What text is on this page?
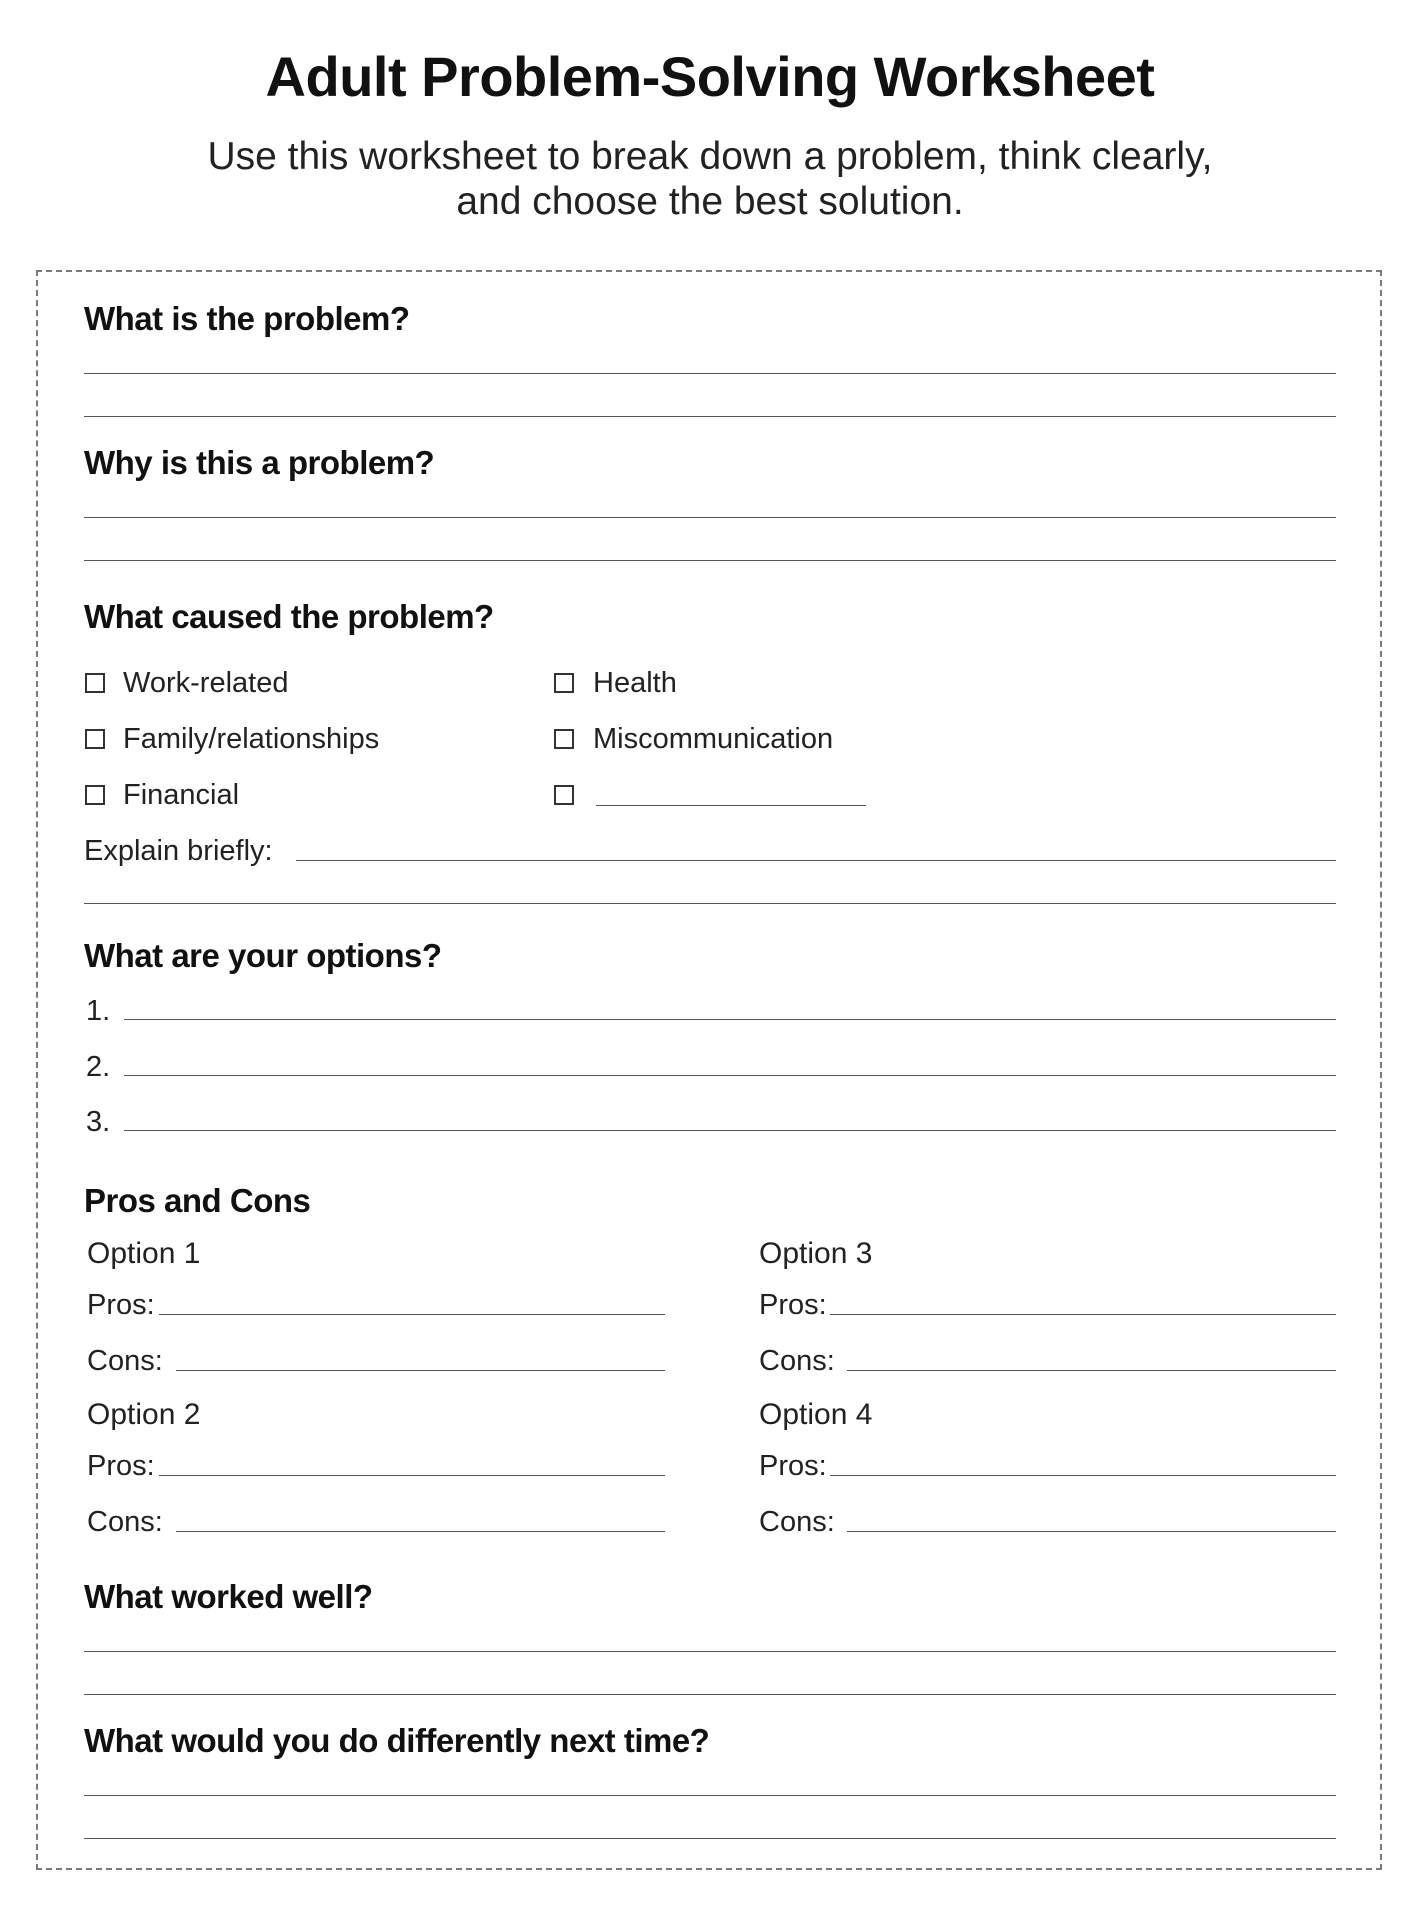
Adult Problem-Solving Worksheet
Use this worksheet to break down a problem, think clearly,
and choose the best solution.
What is the problem?
Why is this a problem?
What caused the problem?
Work-related
Family/relationships
Financial
Health
Miscommunication
Explain briefly:
What are your options?
1.
2.
3.
Pros and Cons
Option 1
Pros:
Cons:
Option 2
Pros:
Cons:
Option 3
Pros:
Cons:
Option 4
Pros:
Cons:
What worked well?
What would you do differently next time?
